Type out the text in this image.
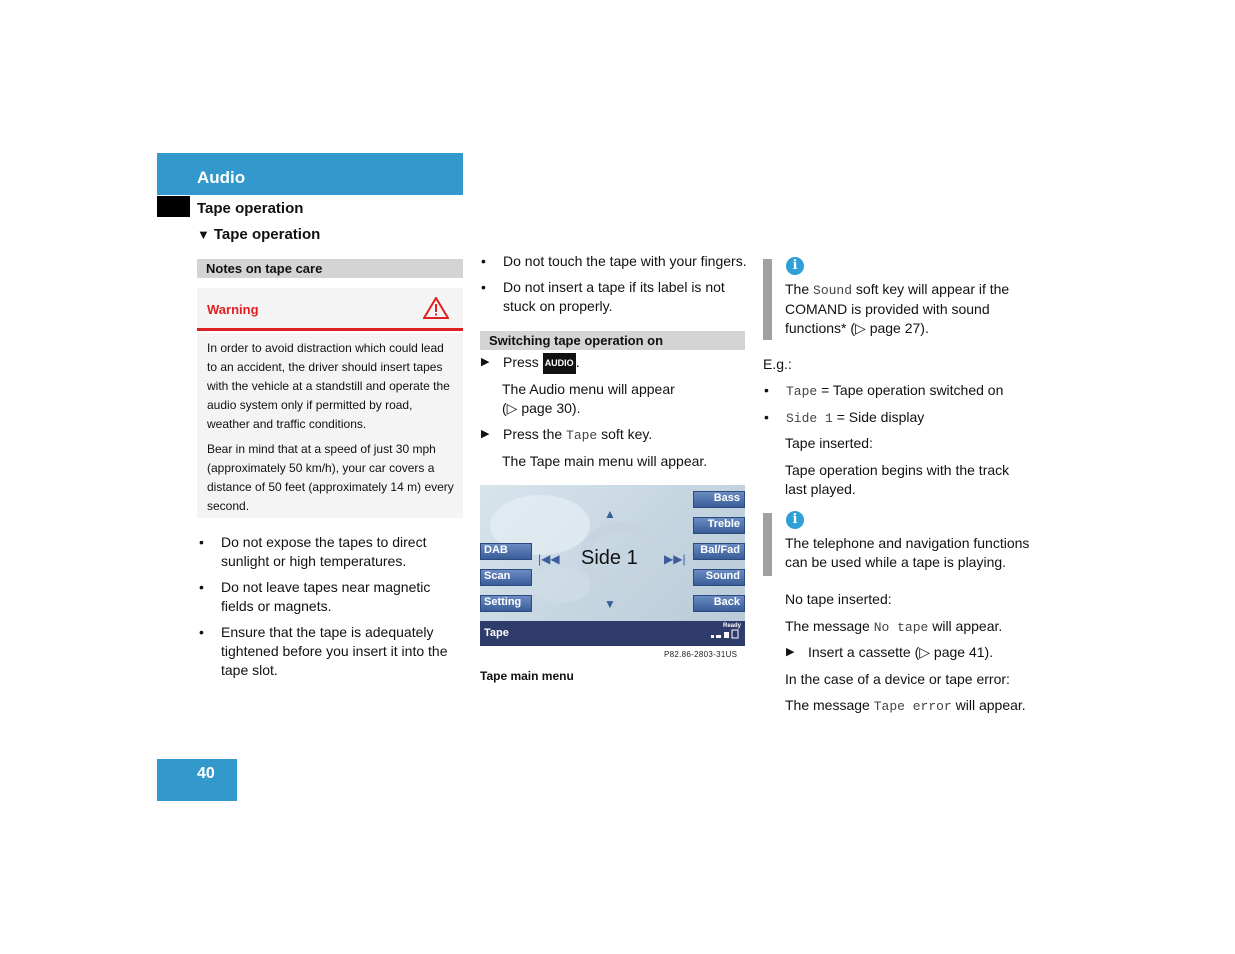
Audio
Tape operation
▼ Tape operation
Notes on tape care
Warning

In order to avoid distraction which could lead to an accident, the driver should insert tapes with the vehicle at a standstill and operate the audio system only if permitted by road, weather and traffic conditions.

Bear in mind that at a speed of just 30 mph (approximately 50 km/h), your car covers a distance of 50 feet (approximately 14 m) every second.

• Do not expose the tapes to direct sunlight or high temperatures.
• Do not leave tapes near magnetic fields or magnets.
• Ensure that the tape is adequately tightened before you insert it into the tape slot.
• Do not touch the tape with your fingers.
• Do not insert a tape if its label is not stuck on properly.
Switching tape operation on
▶ Press AUDIO .
The Audio menu will appear
(▷ page 30).
▶ Press the Tape soft key.
The Tape main menu will appear.
DAB
Scan
Setting
Bass
Treble
Bal/Fad
Sound
Back
▲
▼
|◀◀	▶▶|
Side 1
Tape
Ready
P82.86-2803-31US
Tape main menu
i
The Sound soft key will appear if the COMAND is provided with sound functions* (▷ page 27).
E.g.:
• Tape = Tape operation switched on
• Side 1 = Side display
Tape inserted:
Tape operation begins with the track last played.
i
The telephone and navigation functions can be used while a tape is playing.
No tape inserted:
The message No tape will appear.
▶ Insert a cassette (▷ page 41).
In the case of a device or tape error:
The message Tape error will appear.
40
